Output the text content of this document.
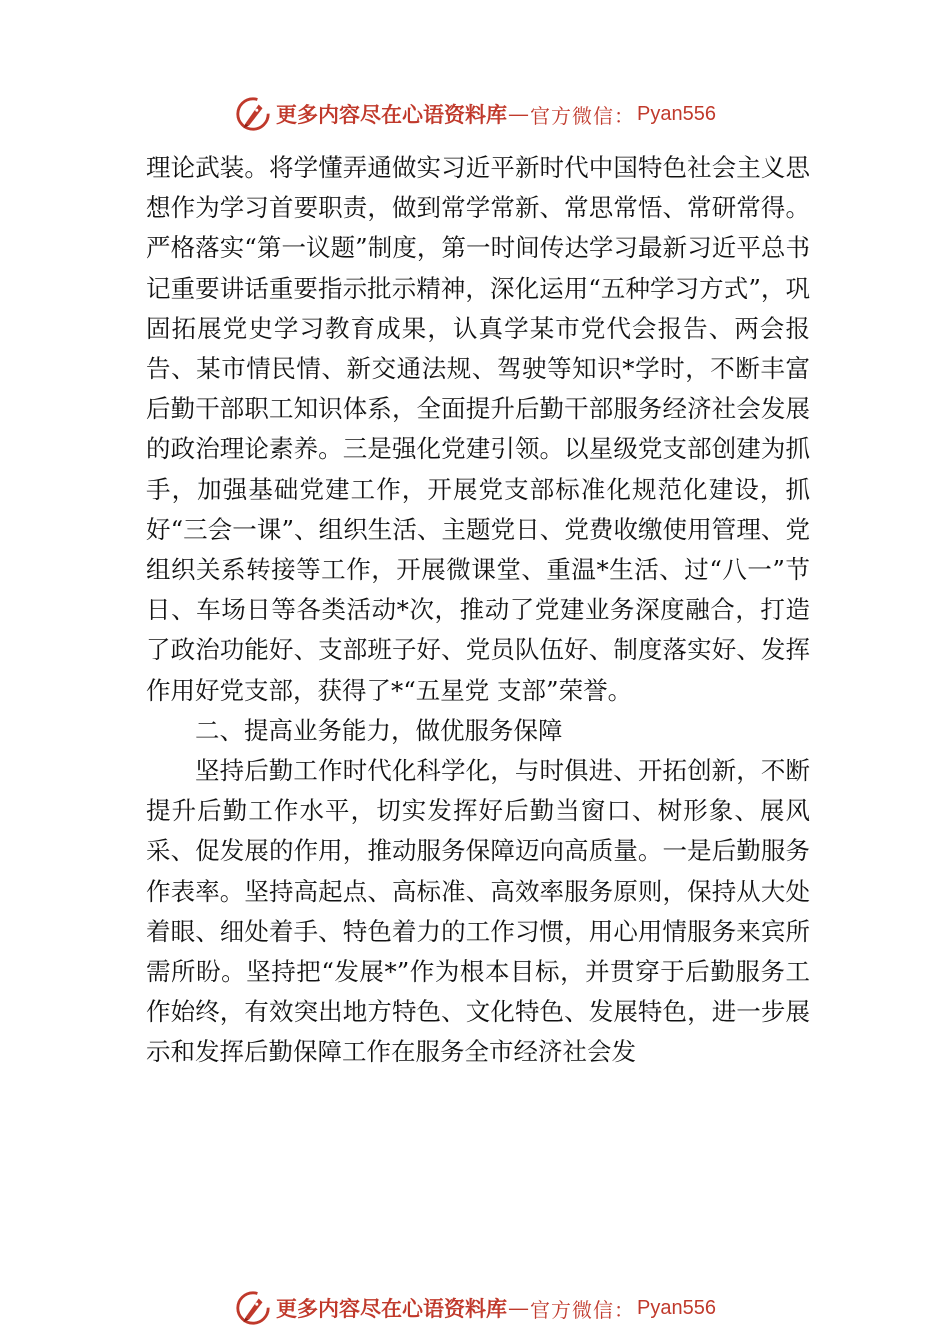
更多内容尽在心语资料库 — 官方微信： Pyan556

理论武装。将学懂弄通做实习近平新时代中国特色社会主义思想作为学习首要职责，做到常学常新、常思常悟、常研常得。 严格落实“第一议题”制度，第一时间传达学习最新习近平总书记重要讲话重要指示批示精神，深化运用“五种学习方式”，巩固拓展党史学习教育成果，认真学某市党代会报告、两会报告、某市情民情、新交通法规、驾驶等知识*学时，不断丰富后勤干部职工知识体系，全面提升后勤干部服务经济社会发展的政治理论素养。三是强化党建引领。以星级党支部创建为抓手，加强基础党建工作，开展党支部标准化规范化建设，抓好“三会一课”、组织生活、主题党日、党费收缴使用管理、党组织关系转接等工作，开展微课堂、重温*生活、过“八一”节日、车场日等各类活动*次，推动了党建业务深度融合，打造了政治功能好、支部班子好、党员队伍好、制度落实好、发挥作用好党支部，获得了*“五星党 支部”荣誉。

二、提高业务能力，做优服务保障

坚持后勤工作时代化科学化，与时俱进、开拓创新，不断提升后勤工作水平，切实发挥好后勤当窗口、树形象、展风采、促发展的作用，推动服务保障迈向高质量。一是后勤服务作表率。坚持高起点、高标准、高效率服务原则，保持从大处着眼、细处着手、特色着力的工作习惯，用心用情服务来宾所需所盼。坚持把“发展*”作为根本目标，并贯穿于后勤服务工作始终，有效突出地方特色、文化特色、发展特色，进一步展示和发挥后勤保障工作在服务全市经济社会发

更多内容尽在心语资料库 — 官方微信： Pyan556
